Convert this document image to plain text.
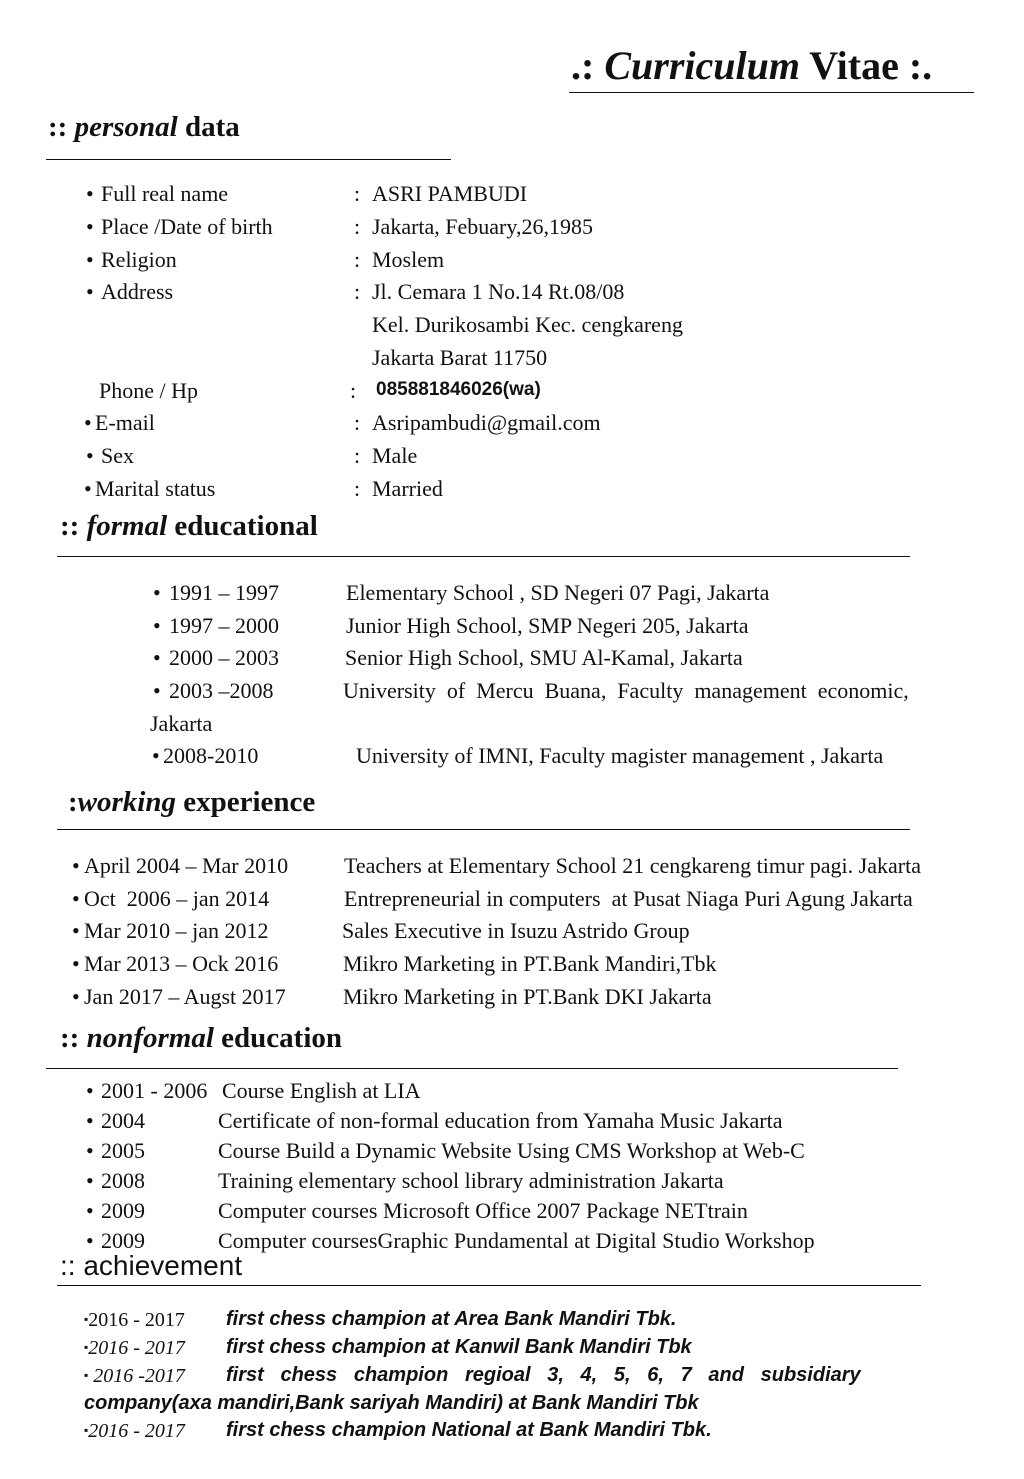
.: Curriculum Vitae :.
:: personal data
• Full real name	: ASRI PAMBUDI
• Place /Date of birth	: Jakarta, Febuary,26,1985
• Religion	: Moslem
• Address	: Jl. Cemara 1 No.14 Rt.08/08
Kel. Durikosambi Kec. cengkareng
Jakarta Barat 11750
Phone / Hp	: 085881846026(wa)
• E-mail	: Asripambudi@gmail.com
• Sex	: Male
• Marital status	: Married
:: formal educational
• 1991 – 1997	Elementary School , SD Negeri 07 Pagi, Jakarta
• 1997 – 2000	Junior High School, SMP Negeri 205, Jakarta
• 2000 – 2003	Senior High School, SMU Al-Kamal, Jakarta
• 2003 –2008	University  of  Mercu  Buana,  Faculty  management  economic,
Jakarta
• 2008-2010	University of IMNI, Faculty magister management , Jakarta
:working experience
• April 2004 – Mar 2010	Teachers at Elementary School 21 cengkareng timur pagi. Jakarta
• Oct  2006 – jan 2014	Entrepreneurial in computers  at Pusat Niaga Puri Agung Jakarta
• Mar 2010 – jan 2012	Sales Executive in Isuzu Astrido Group
• Mar 2013 – Ock 2016	Mikro Marketing in PT.Bank Mandiri,Tbk
• Jan 2017 – Augst 2017	Mikro Marketing in PT.Bank DKI Jakarta
:: nonformal education
• 2001 - 2006 Course English at LIA
• 2004	Certificate of non-formal education from Yamaha Music Jakarta
• 2005	Course Build a Dynamic Website Using CMS Workshop at Web-C
• 2008	Training elementary school library administration Jakarta
• 2009	Computer courses Microsoft Office 2007 Package NETtrain
• 2009	Computer coursesGraphic Pundamental at Digital Studio Workshop
:: achievement
▪2016 - 2017 first chess champion at Area Bank Mandiri Tbk.
▪2016 - 2017 first chess champion at Kanwil Bank Mandiri Tbk
▪ 2016 -2017 first   chess   champion   regioal   3,   4,   5,   6,   7   and   subsidiary
company(axa mandiri,Bank sariyah Mandiri) at Bank Mandiri Tbk
▪2016 - 2017 first chess champion National at Bank Mandiri Tbk.
